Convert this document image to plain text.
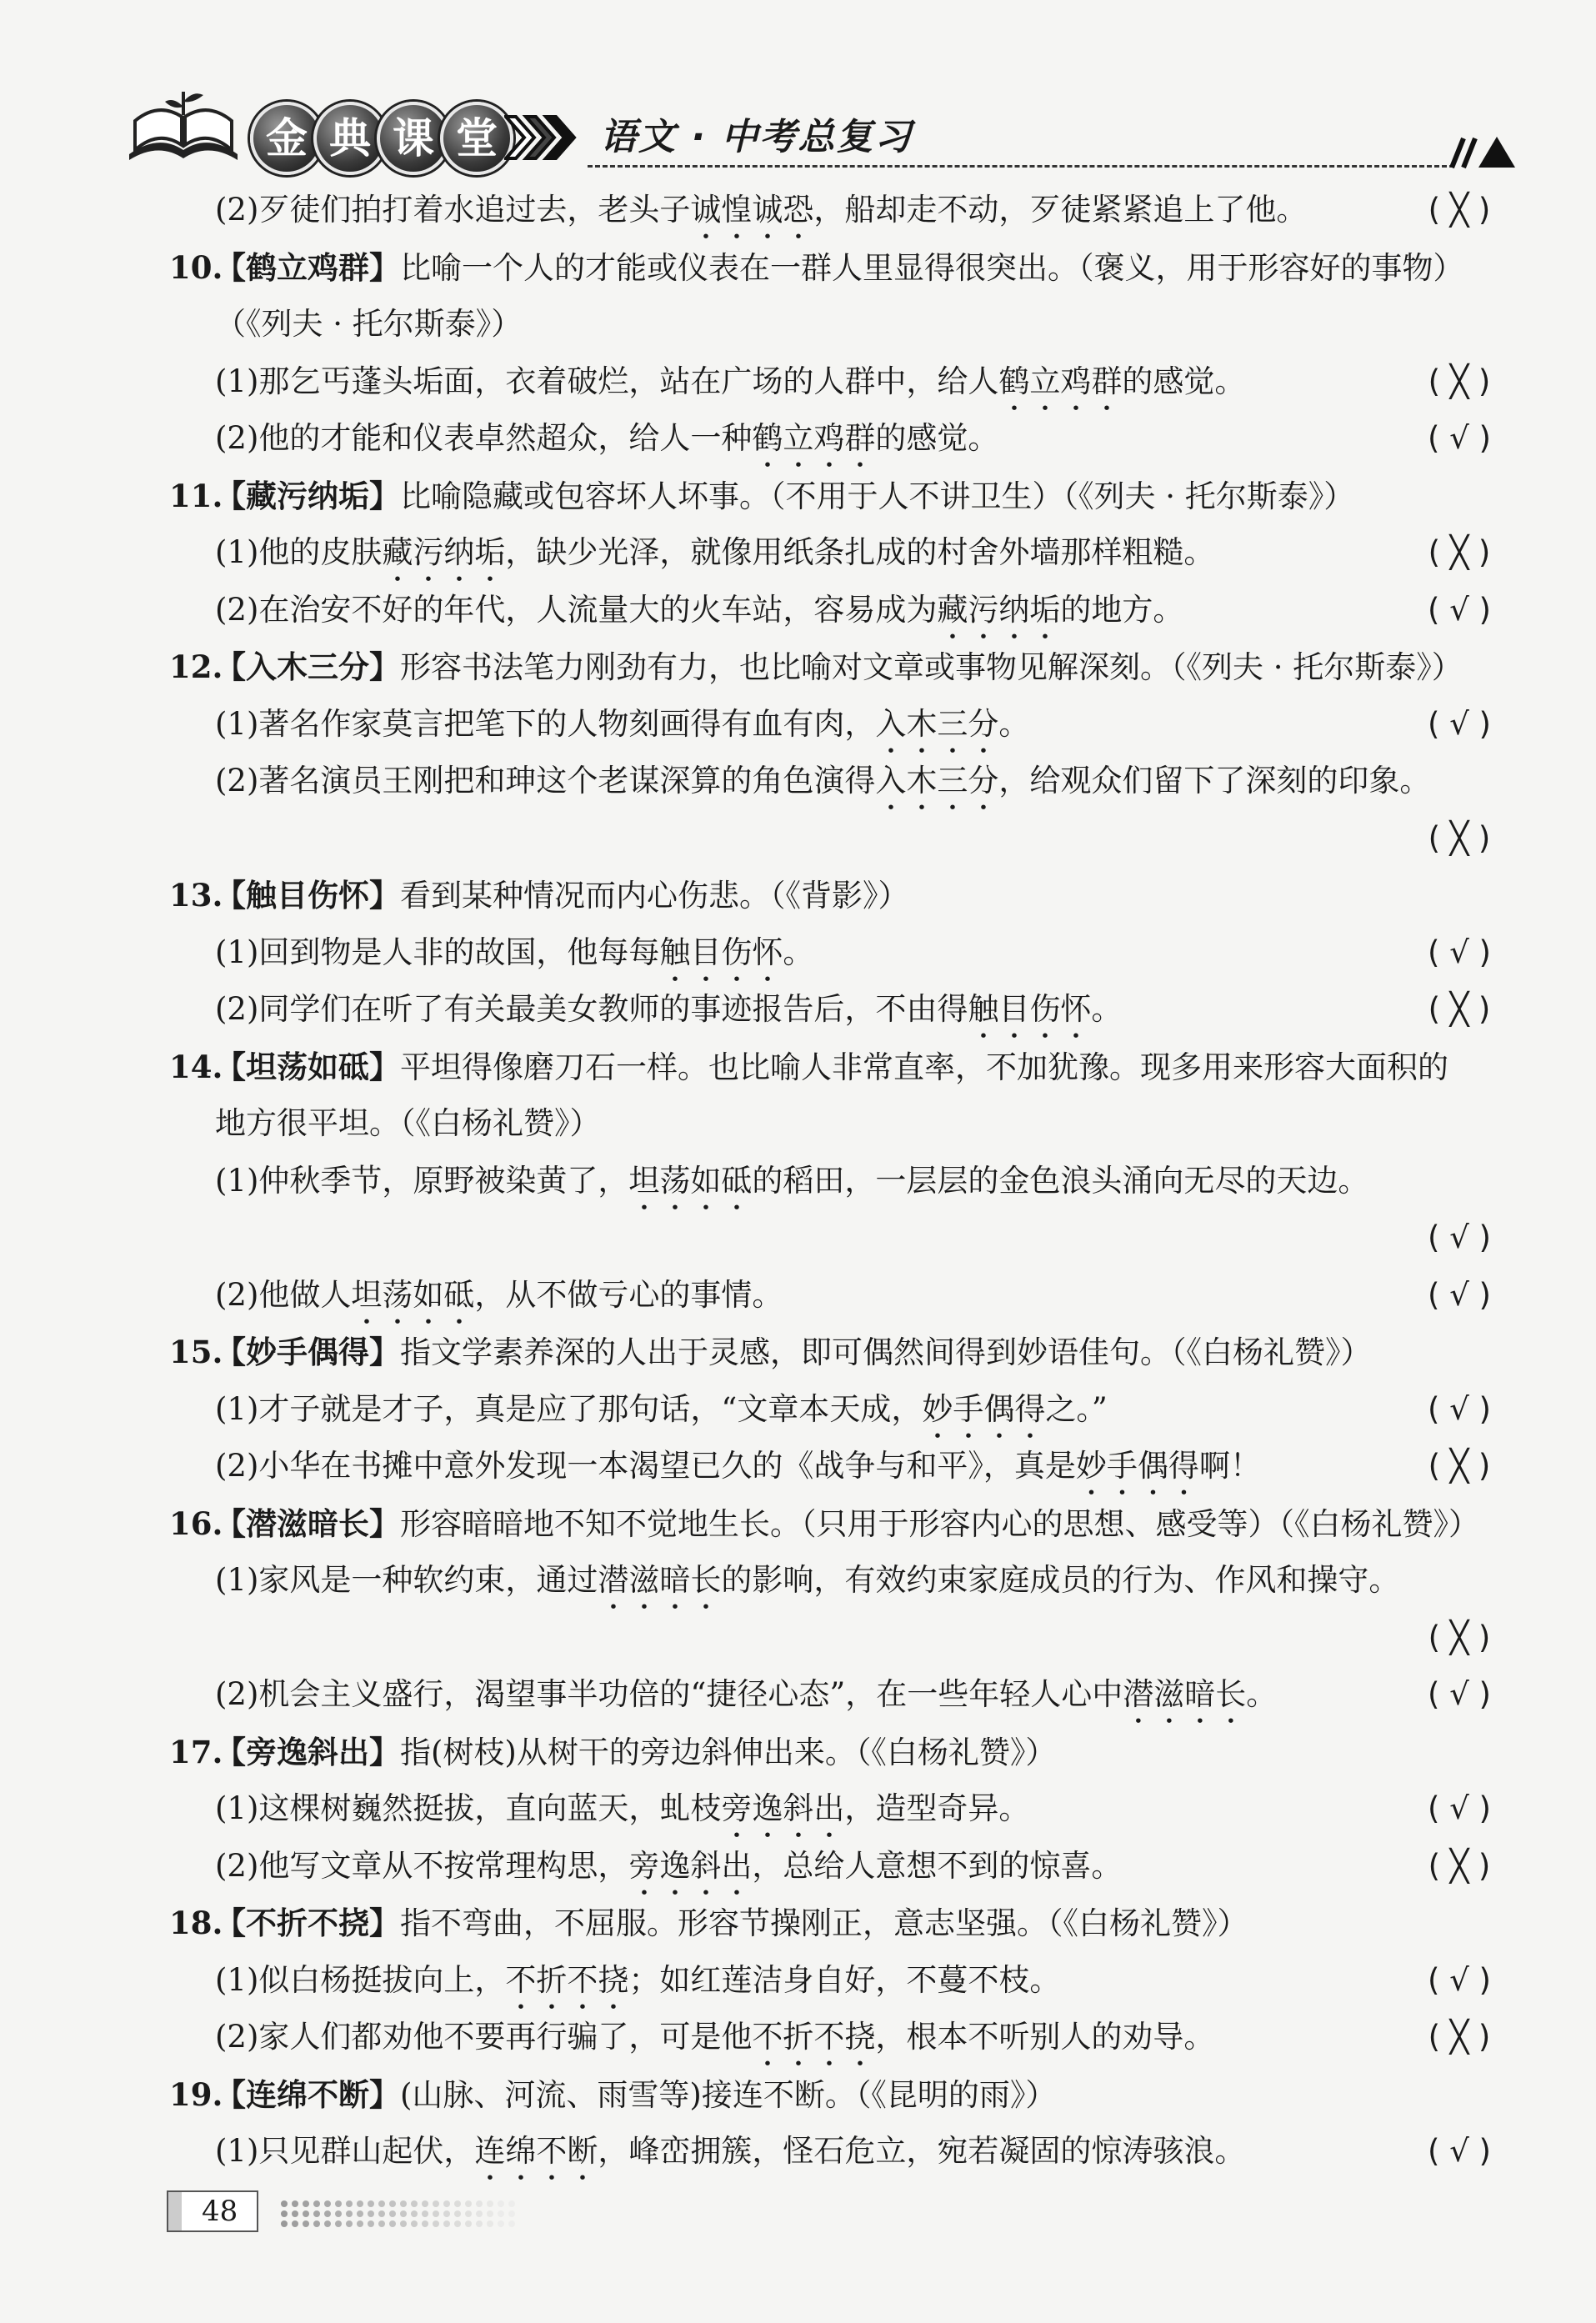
金 典 课 堂	语文 · 中考总复习
(2)歹徒们拍打着水追过去，老头子诚惶诚恐，船却走不动，歹徒紧紧追上了他。	( ╳ )
10.
【鹤立鸡群】比喻一个人的才能或仪表在一群人里显得很突出。（褒义，用于形容好的事物）
（《列夫 · 托尔斯泰》）
(1)那乞丐蓬头垢面，衣着破烂，站在广场的人群中，给人鹤立鸡群的感觉。	( ╳ )
(2)他的才能和仪表卓然超众，给人一种鹤立鸡群的感觉。	( √ )
11.
【藏污纳垢】比喻隐藏或包容坏人坏事。（不用于人不讲卫生）（《列夫 · 托尔斯泰》）
(1)他的皮肤藏污纳垢，缺少光泽，就像用纸条扎成的村舍外墙那样粗糙。	( ╳ )
(2)在治安不好的年代，人流量大的火车站，容易成为藏污纳垢的地方。	( √ )
12.
【入木三分】形容书法笔力刚劲有力，也比喻对文章或事物见解深刻。（《列夫 · 托尔斯泰》）
(1)著名作家莫言把笔下的人物刻画得有血有肉，入木三分。	( √ )
(2)著名演员王刚把和珅这个老谋深算的角色演得入木三分，给观众们留下了深刻的印象。
( ╳ )
13.
【触目伤怀】看到某种情况而内心伤悲。（《背影》）
(1)回到物是人非的故国，他每每触目伤怀。	( √ )
(2)同学们在听了有关最美女教师的事迹报告后，不由得触目伤怀。	( ╳ )
14.
【坦荡如砥】平坦得像磨刀石一样。也比喻人非常直率，不加犹豫。现多用来形容大面积的
地方很平坦。（《白杨礼赞》）
(1)仲秋季节，原野被染黄了，坦荡如砥的稻田，一层层的金色浪头涌向无尽的天边。
( √ )
(2)他做人坦荡如砥，从不做亏心的事情。	( √ )
15.
【妙手偶得】指文学素养深的人出于灵感，即可偶然间得到妙语佳句。（《白杨礼赞》）
(1)才子就是才子，真是应了那句话，“文章本天成，妙手偶得之。”	( √ )
(2)小华在书摊中意外发现一本渴望已久的《战争与和平》，真是妙手偶得啊！	( ╳ )
16.
【潜滋暗长】形容暗暗地不知不觉地生长。（只用于形容内心的思想、感受等）（《白杨礼赞》）
(1)家风是一种软约束，通过潜滋暗长的影响，有效约束家庭成员的行为、作风和操守。
( ╳ )
(2)机会主义盛行，渴望事半功倍的“捷径心态”，在一些年轻人心中潜滋暗长。	( √ )
17.
【旁逸斜出】指(树枝)从树干的旁边斜伸出来。（《白杨礼赞》）
(1)这棵树巍然挺拔，直向蓝天，虬枝旁逸斜出，造型奇异。	( √ )
(2)他写文章从不按常理构思，旁逸斜出，总给人意想不到的惊喜。	( ╳ )
18.
【不折不挠】指不弯曲，不屈服。形容节操刚正，意志坚强。（《白杨礼赞》）
(1)似白杨挺拔向上，不折不挠；如红莲洁身自好，不蔓不枝。	( √ )
(2)家人们都劝他不要再行骗了，可是他不折不挠，根本不听别人的劝导。	( ╳ )
19.
【连绵不断】(山脉、河流、雨雪等)接连不断。（《昆明的雨》）
(1)只见群山起伏，连绵不断，峰峦拥簇，怪石危立，宛若凝固的惊涛骇浪。	( √ )
48
